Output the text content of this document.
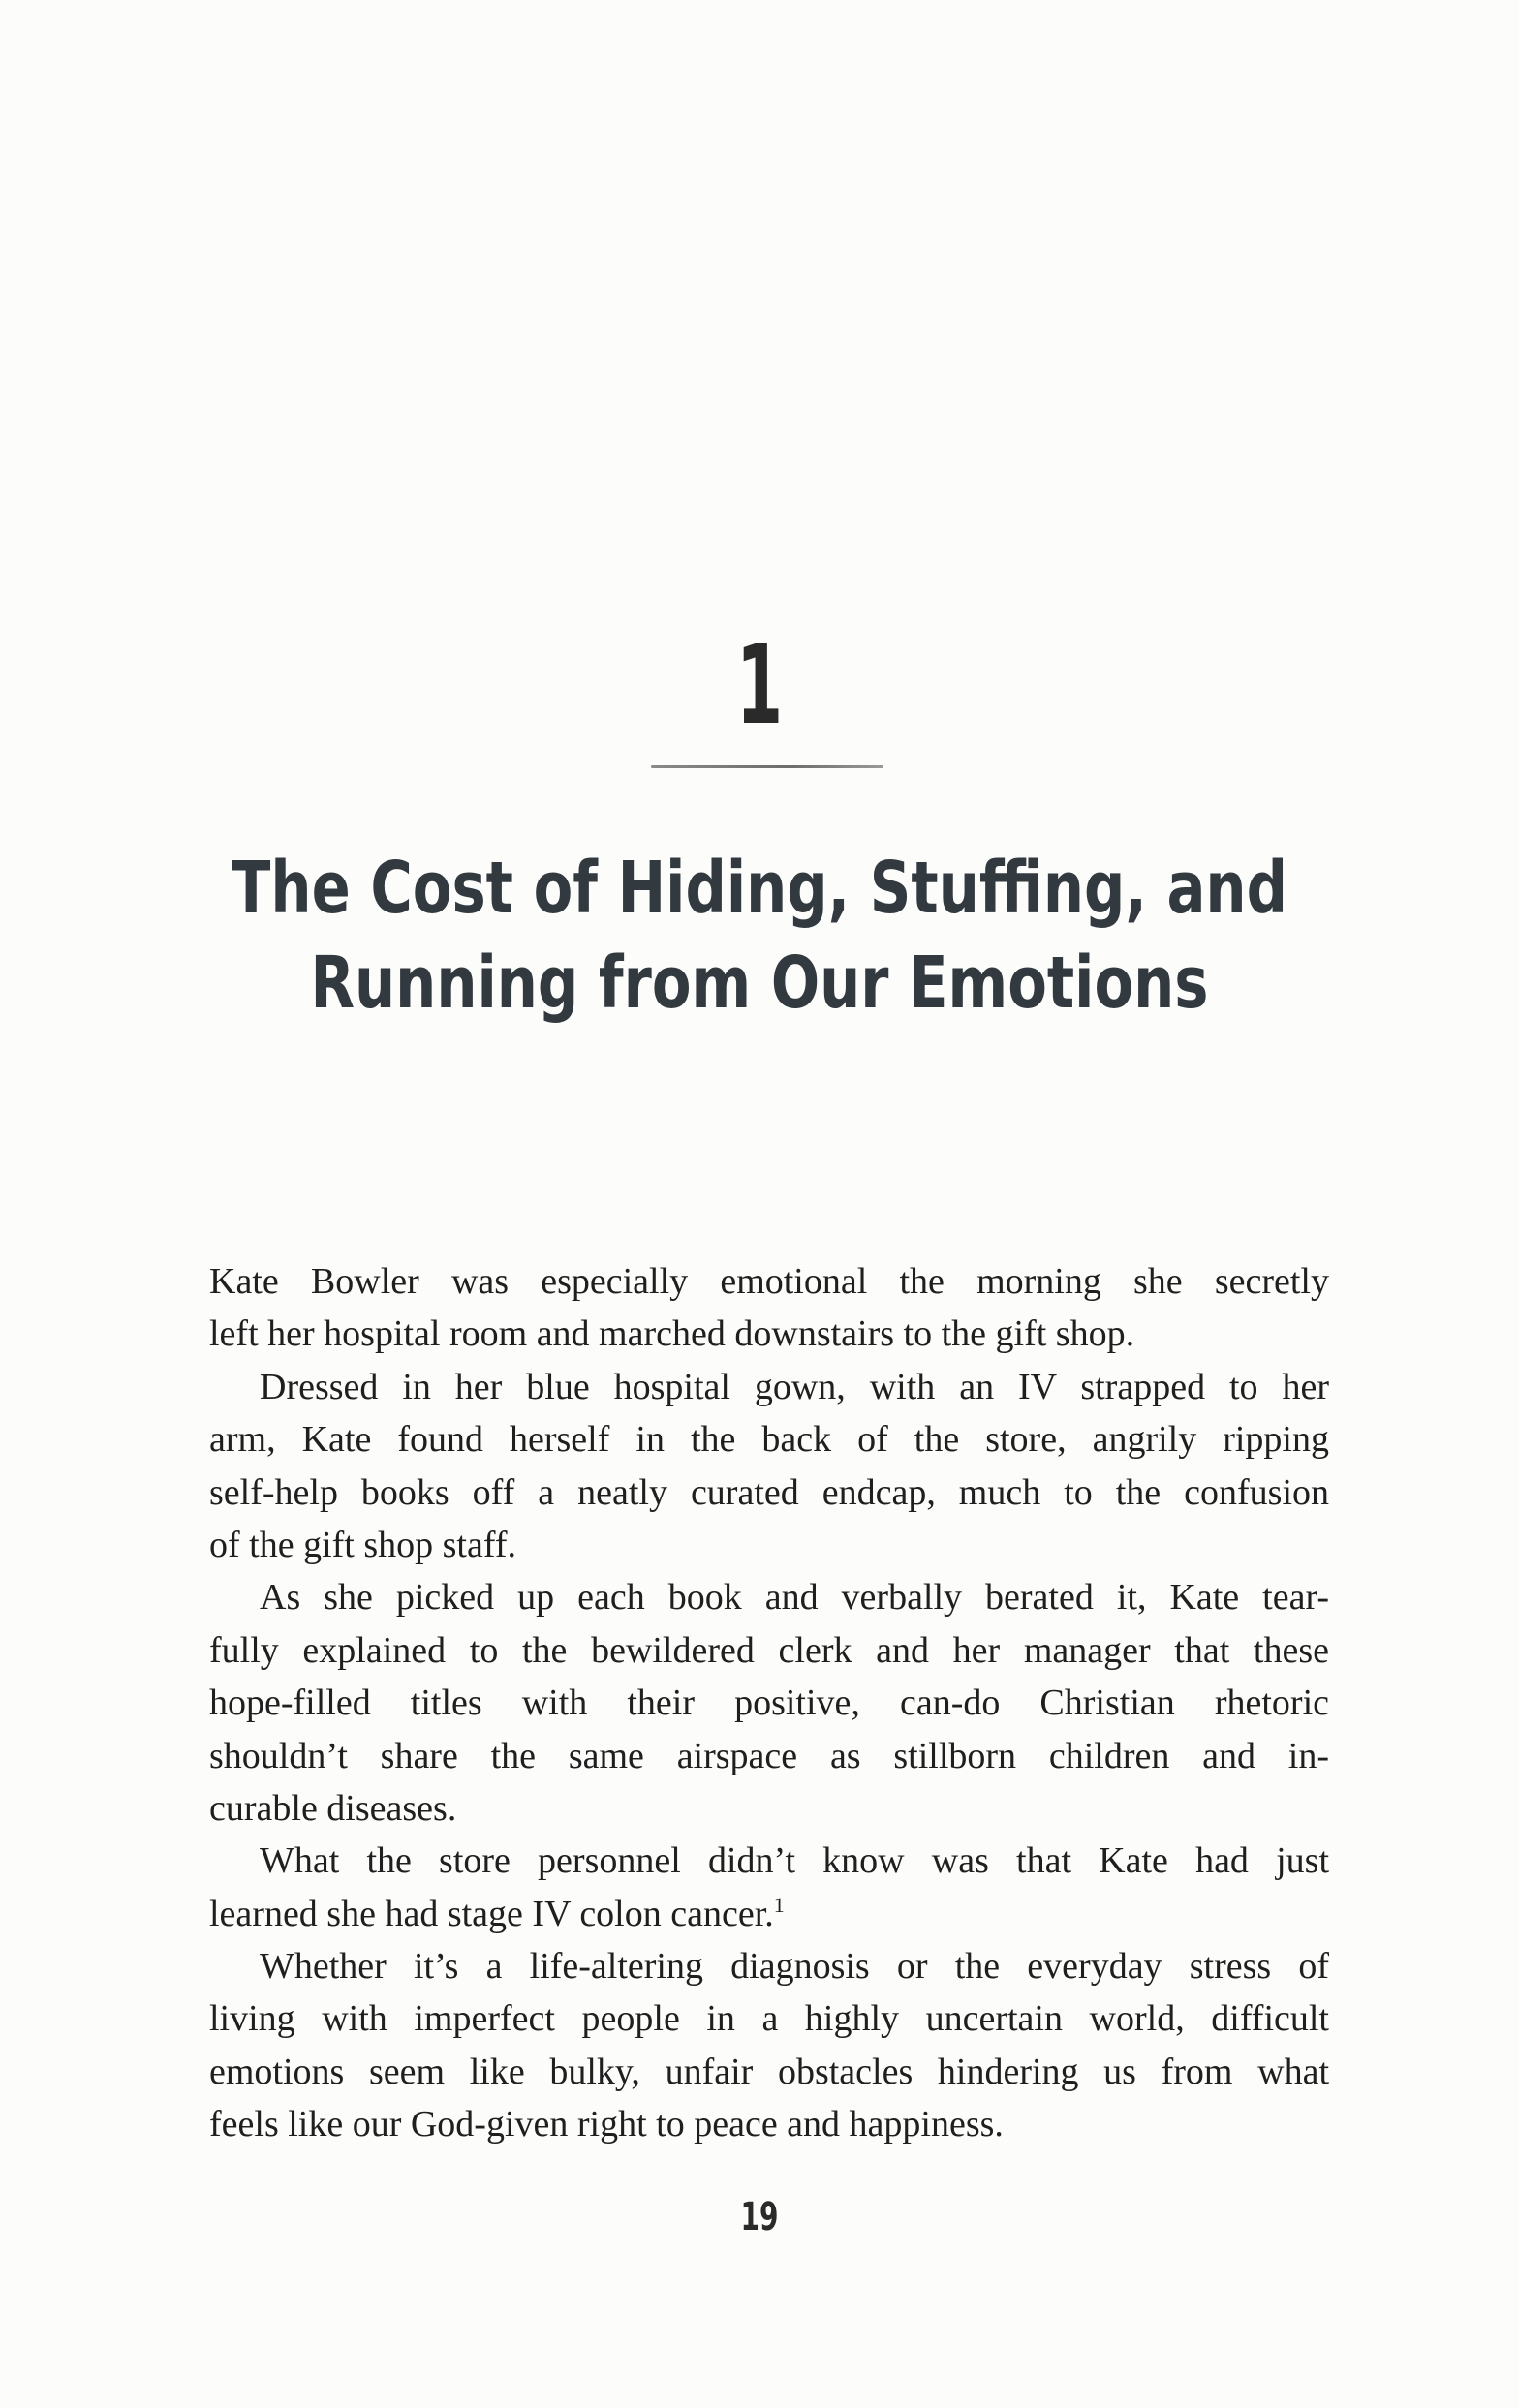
1
The Cost of Hiding, Stuffing, and
Running from Our Emotions
Kate Bowler was especially emotional the morning she secretly
left her hospital room and marched downstairs to the gift shop.
Dressed in her blue hospital gown, with an IV strapped to her
arm, Kate found herself in the back of the store, angrily ripping
self-help books off a neatly curated endcap, much to the confusion
of the gift shop staff.
As she picked up each book and verbally berated it, Kate tear-
fully explained to the bewildered clerk and her manager that these
hope-filled titles with their positive, can-do Christian rhetoric
shouldn’t share the same airspace as stillborn children and in-
curable diseases.
What the store personnel didn’t know was that Kate had just
learned she had stage IV colon cancer.$^1$
Whether it’s a life-altering diagnosis or the everyday stress of
living with imperfect people in a highly uncertain world, difficult
emotions seem like bulky, unfair obstacles hindering us from what
feels like our God-given right to peace and happiness.
19
